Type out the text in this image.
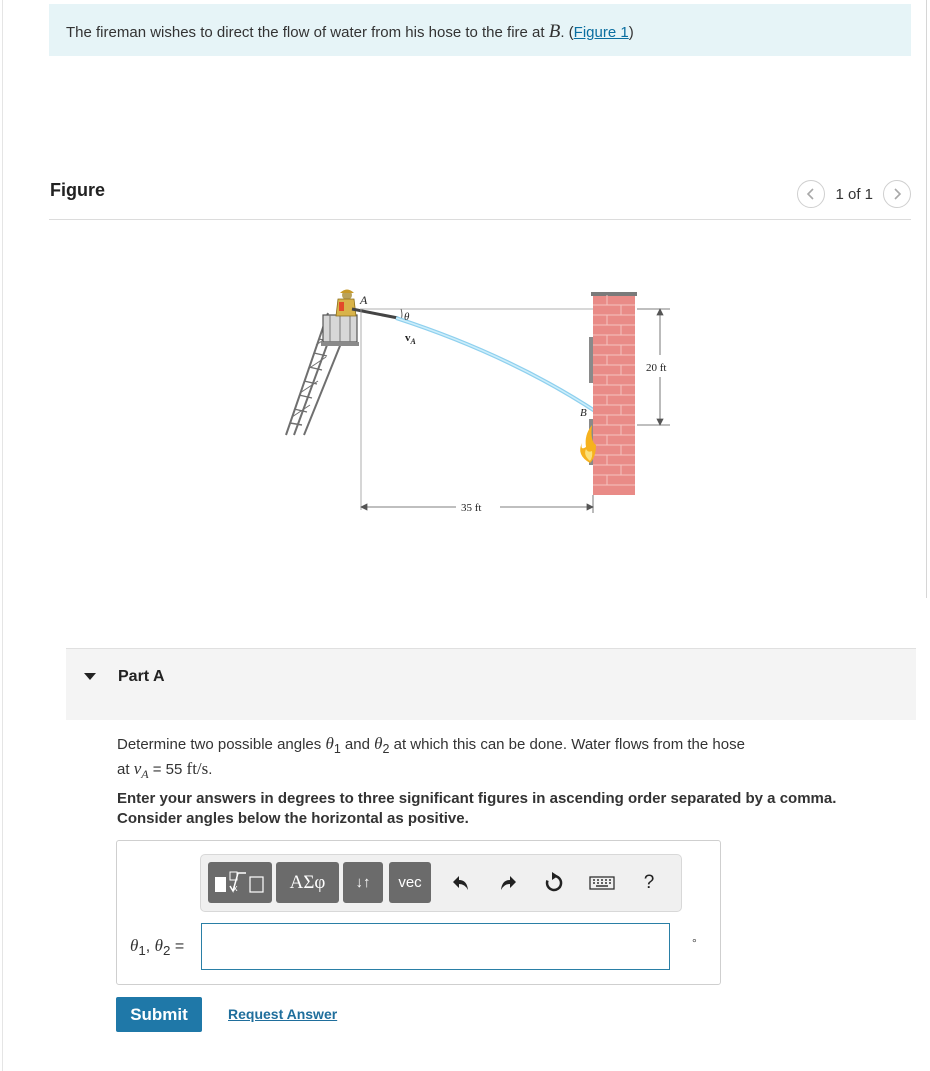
The fireman wishes to direct the flow of water from his hose to the fire at B. (Figure 1)
Figure	1 of 1
A
θ
$v_A$
B
20 ft
35 ft
Part A
Determine two possible angles $\theta_1$ and $\theta_2$ at which this can be done. Water flows from the hose
at $v_A = 55$ ft/s.
Enter your answers in degrees to three significant figures in ascending order separated by a comma.
Consider angles below the horizontal as positive.
x	ΑΣφ	↓↑	vec	?
$\theta_1$, $\theta_2$ =	°
Submit	Request Answer
